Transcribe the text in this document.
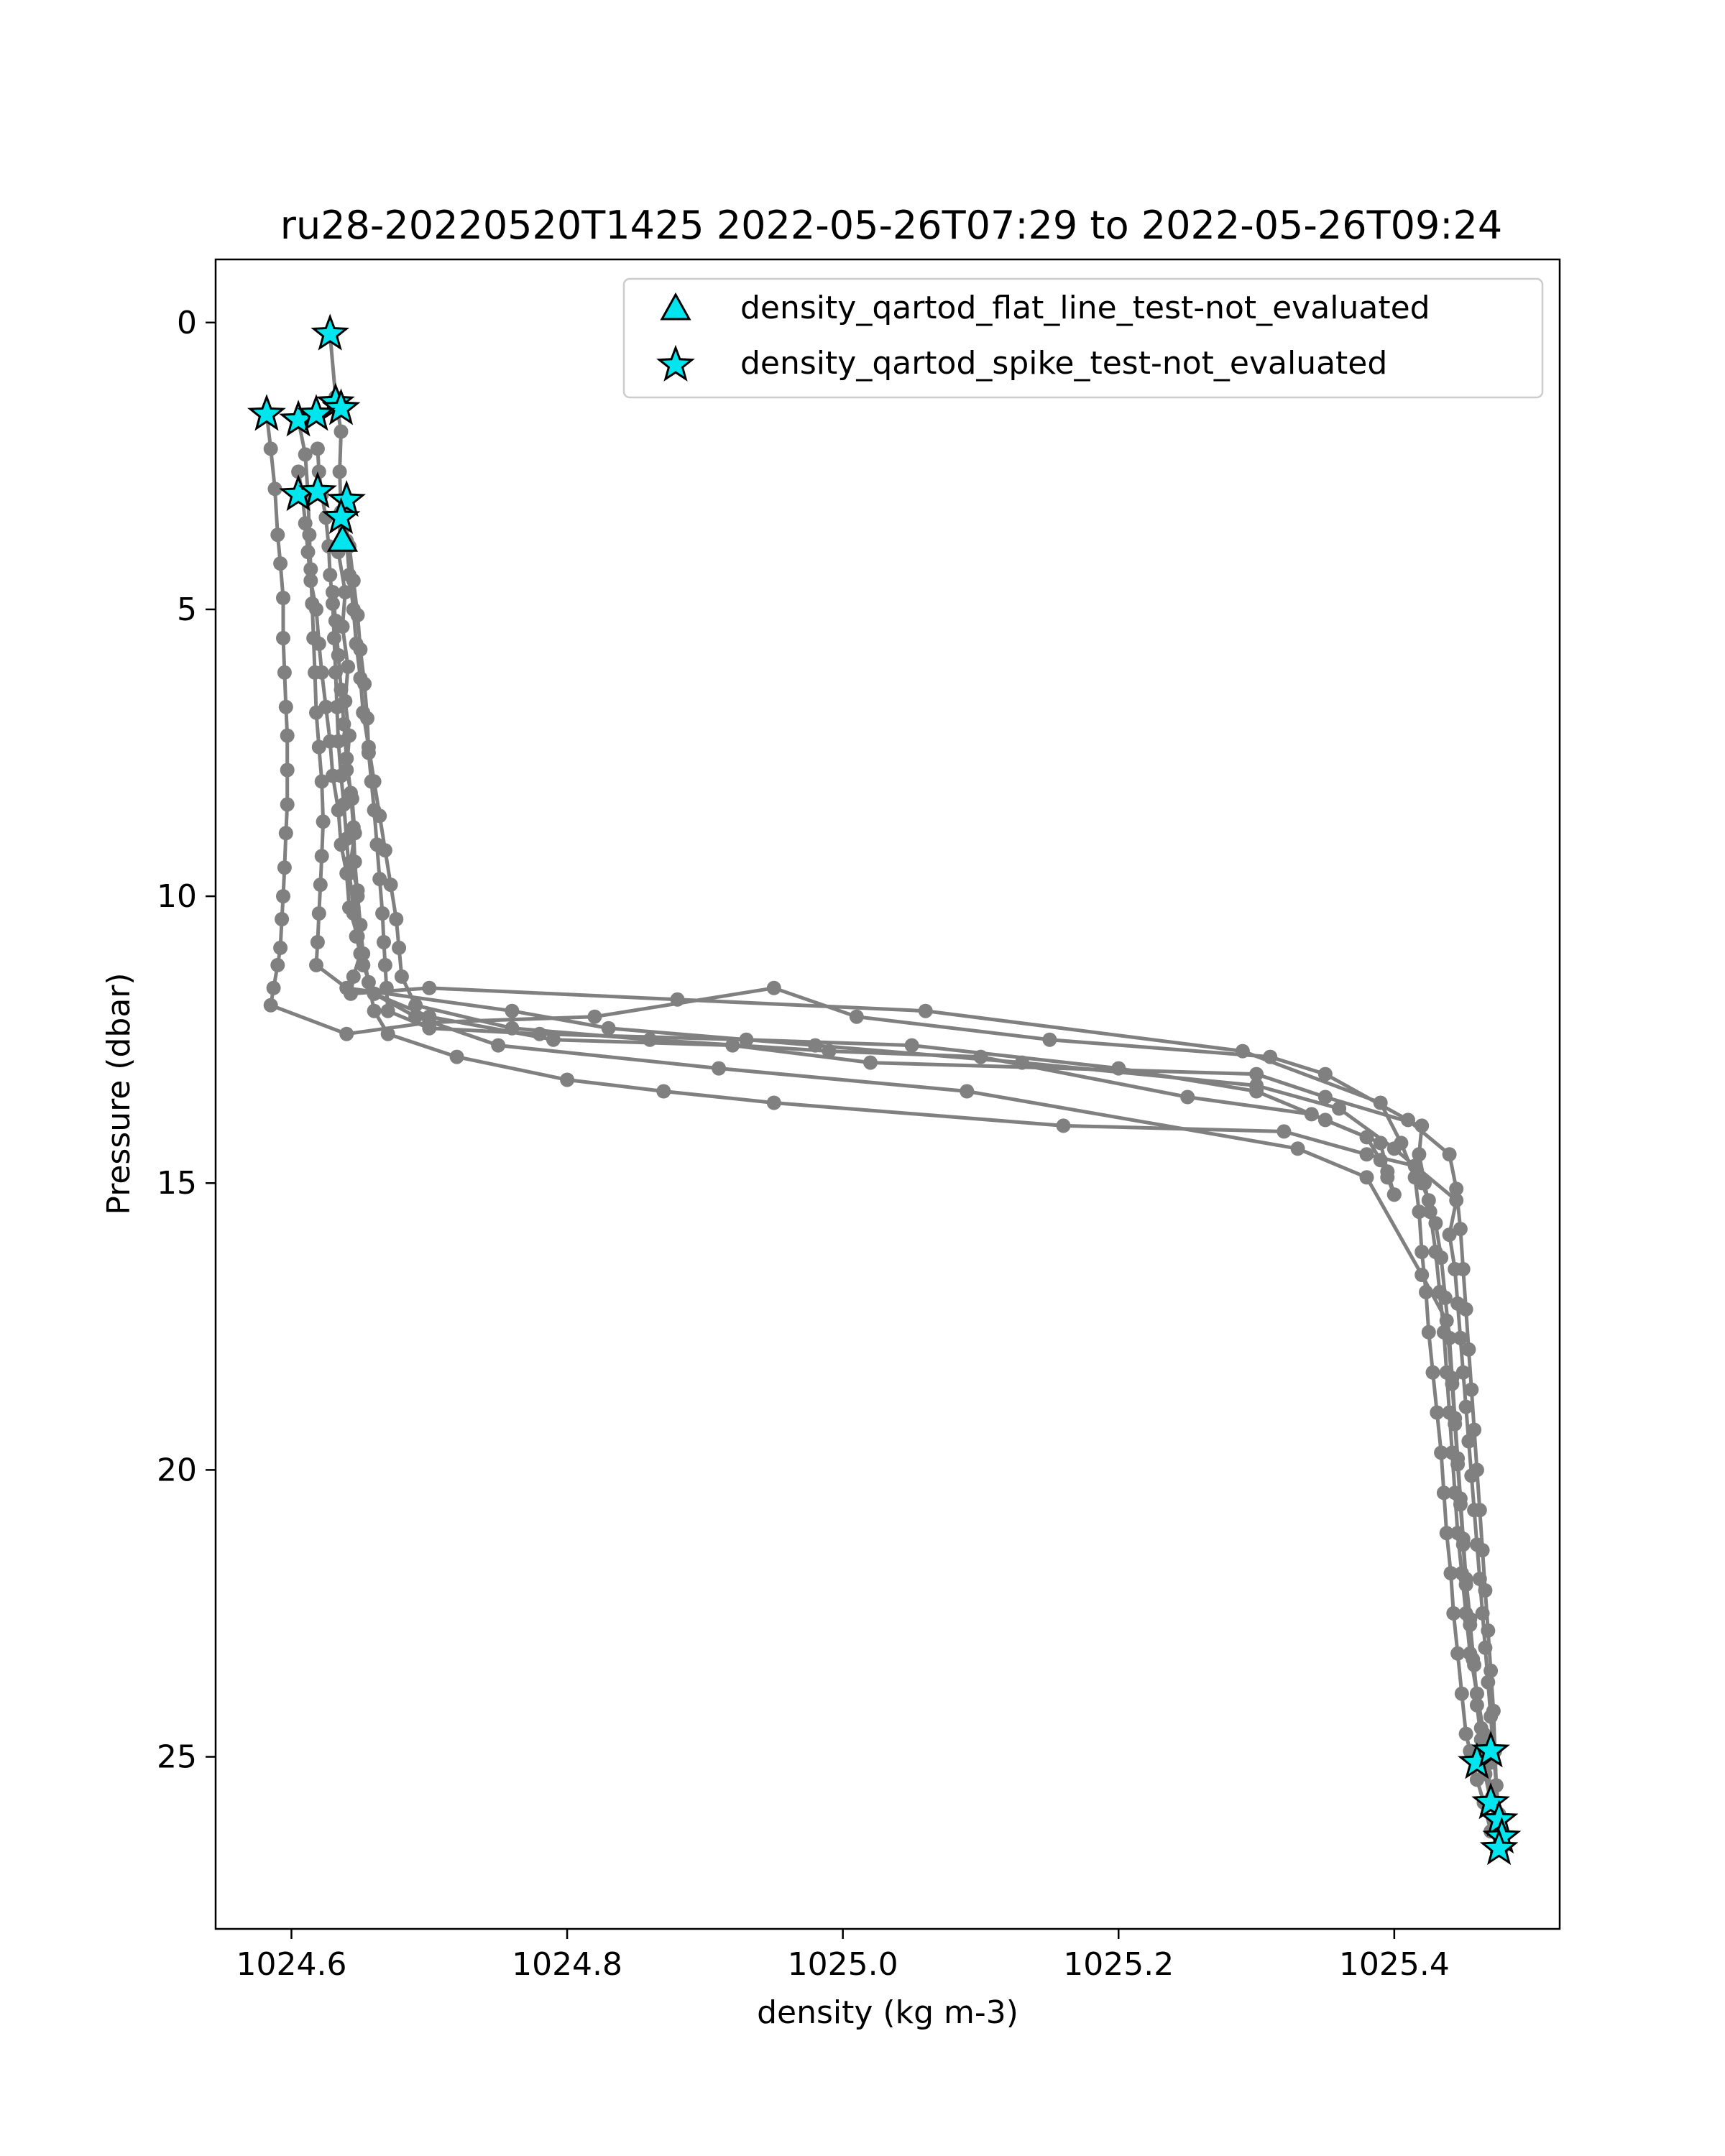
ru28-20220520T1425 2022-05-26T07:29 to 2022-05-26T09:24
1024.6	1024.8	1025.0	1025.2	1025.4
0
5
10
15
20
25
density (kg m-3)
Pressure (dbar)
density_qartod_flat_line_test-not_evaluated
density_qartod_spike_test-not_evaluated
